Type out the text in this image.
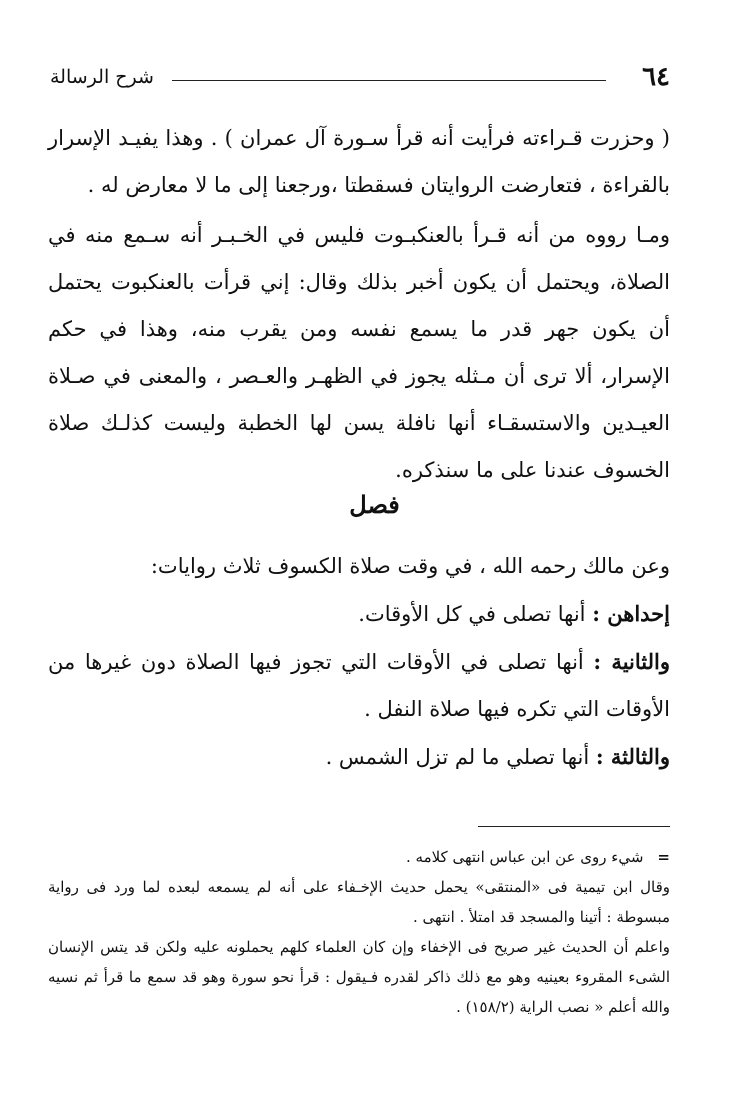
٦٤
شرح الرسالة

( وحزرت قـراءته فرأيت أنه قرأ سـورة آل عمران ) . وهذا يفيـد الإسرار بالقراءة ، فتعارضت الروايتان فسقطتا ،ورجعنا إلى ما لا معارض له .

ومـا رووه من أنه قـرأ بالعنكبـوت فليس في الخـبـر أنه سـمع منه في الصلاة، ويحتمل أن يكون أخبر بذلك وقال: إني قرأت بالعنكبوت يحتمل أن يكون جهر قدر ما يسمع نفسه ومن يقرب منه، وهذا في حكم الإسرار، ألا ترى أن مـثله يجوز في الظهـر والعـصر ، والمعنى في صـلاة العيـدين والاستسقـاء أنها نافلة يسن لها الخطبة وليست كذلـك صلاة الخسوف عندنا على ما سنذكره.

فصل
وعن مالك رحمه الله ، في وقت صلاة الكسوف ثلاث روايات:
إحداهن : أنها تصلى في كل الأوقات.
والثانية : أنها تصلى في الأوقات التي تجوز فيها الصلاة دون غيرها من الأوقات التي تكره فيها صلاة النفل .
والثالثة : أنها تصلي ما لم تزل الشمس .

=شيء روى عن ابن عباس انتهى كلامه .

وقال ابن تيمية فى «المنتقى» يحمل حديث الإخـفاء على أنه لم يسمعه لبعده لما ورد فى رواية مبسوطة : أتينا والمسجد قد امتلأ . انتهى .

واعلم أن الحديث غير صريح فى الإخفاء وإن كان العلماء كلهم يحملونه عليه ولكن قد يتس الإنسان الشىء المقروء بعينيه وهو مع ذلك ذاكر لقدره فـيقول : قرأ نحو سورة وهو قد سمع ما قرأ ثم نسيه والله أعلم « نصب الراية (١٥٨/٢) .
